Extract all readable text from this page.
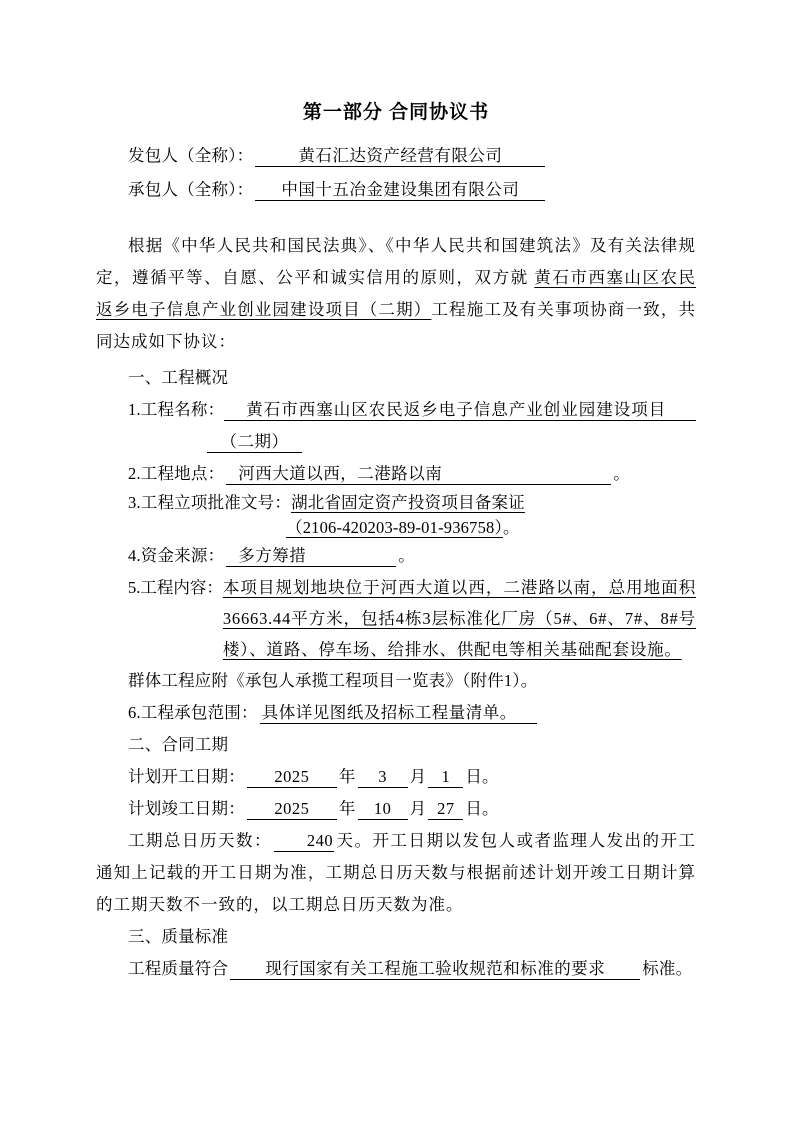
第一部分 合同协议书
发包人（全称）：	黄石汇达资产经营有限公司
承包人（全称）： 中国十五冶金建设集团有限公司

根据《中华人民共和国民法典》、《中华人民共和国建筑法》及有关法律规定，遵循平等、自愿、公平和诚实信用的原则，双方就 黄石市西塞山区农民返乡电子信息产业创业园建设项目（二期）工程施工及有关事项协商一致，共同达成如下协议：

一、工程概况
1.工程名称：	黄石市西塞山区农民返乡电子信息产业创业园建设项目
（二期）
2.工程地点： 河西大道以西，二港路以南	。
3.工程立项批准文号：湖北省固定资产投资项目备案证
（2106-420203-89-01-936758）。
4.资金来源： 多方筹措	。
5.工程内容： 本项目规划地块位于河西大道以西，二港路以南，总用地面积36663.44平方米，包括4栋3层标准化厂房（5#、6#、7#、8#号楼）、道路、停车场、给排水、供配电等相关基础配套设施。
群体工程应附《承包人承揽工程项目一览表》（附件1）。
6.工程承包范围： 具体详见图纸及招标工程量清单。
二、合同工期
计划开工日期： 2025 年 3 月 1 日。
计划竣工日期： 2025 年 10 月 27 日。

工期总日历天数： 240 天。开工日期以发包人或者监理人发出的开工通知上记载的开工日期为准，工期总日历天数与根据前述计划开竣工日期计算的工期天数不一致的，以工期总日历天数为准。

三、质量标准
工程质量符合 现行国家有关工程施工验收规范和标准的要求 标准。
